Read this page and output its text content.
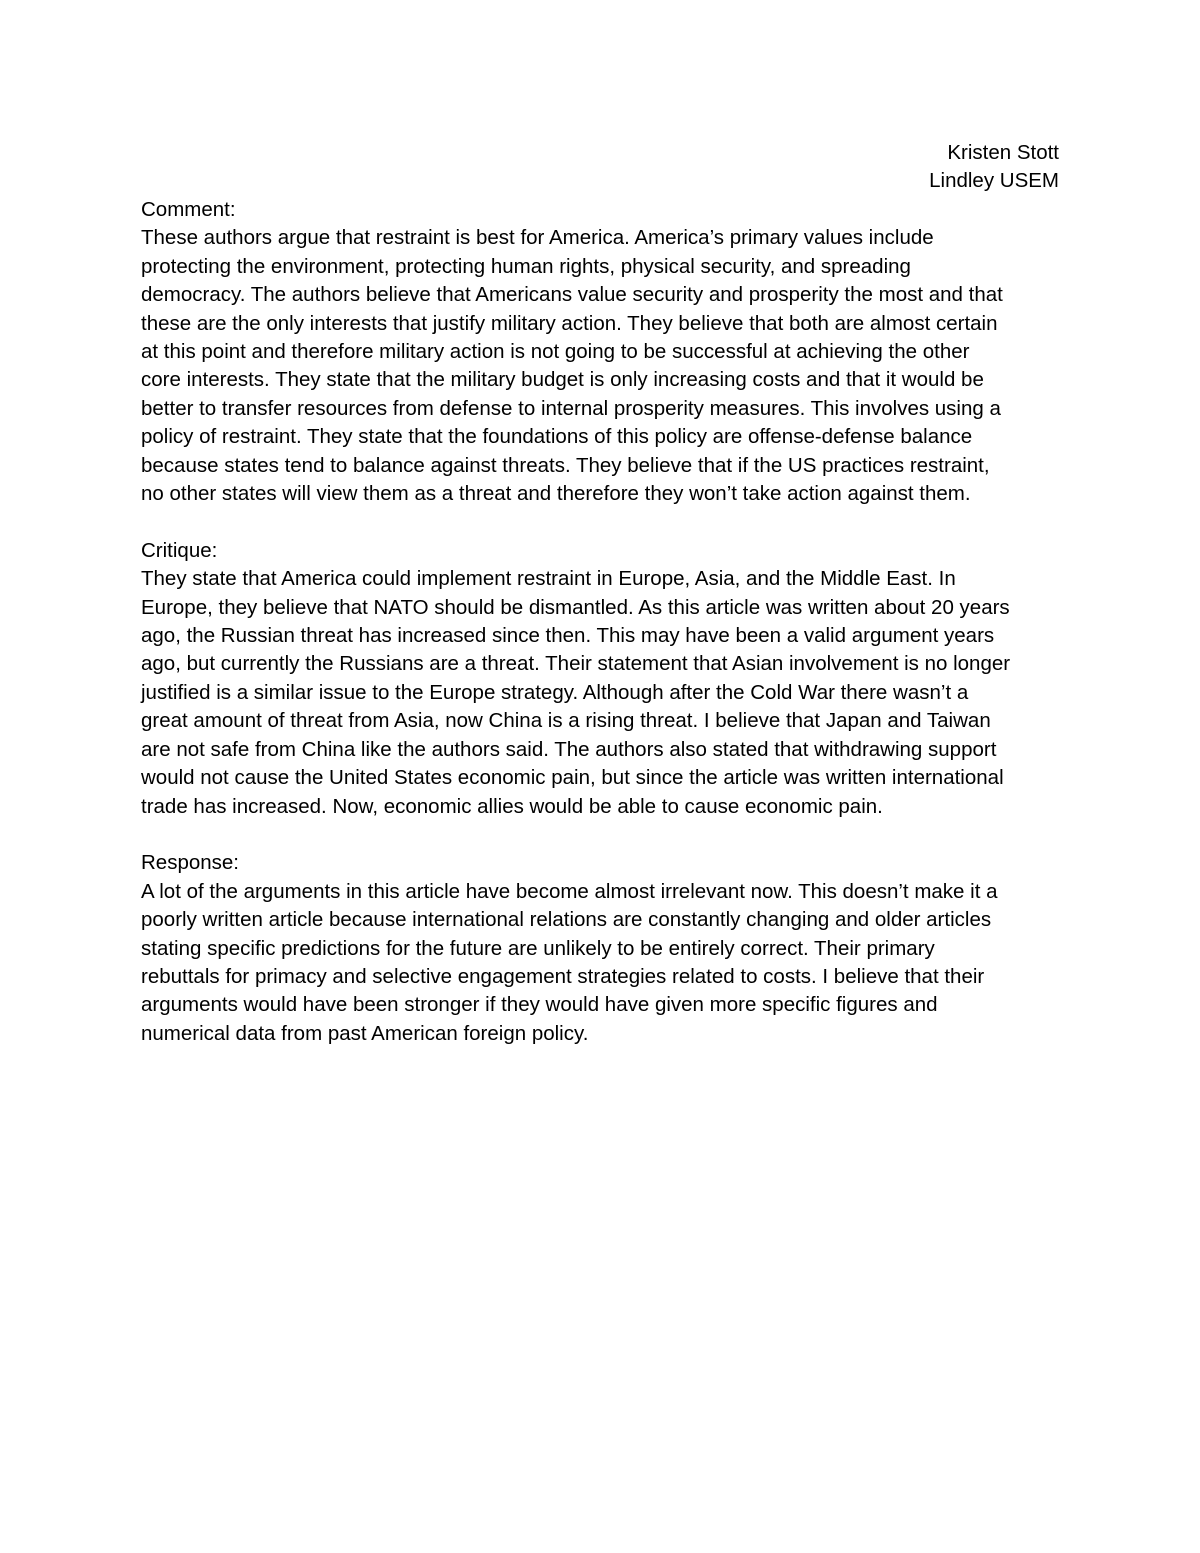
Kristen Stott
Lindley USEM

Comment:

These authors argue that restraint is best for America. America’s primary values include
protecting the environment, protecting human rights, physical security, and spreading
democracy. The authors believe that Americans value security and prosperity the most and that
these are the only interests that justify military action. They believe that both are almost certain
at this point and therefore military action is not going to be successful at achieving the other
core interests. They state that the military budget is only increasing costs and that it would be
better to transfer resources from defense to internal prosperity measures. This involves using a
policy of restraint. They state that the foundations of this policy are offense-defense balance
because states tend to balance against threats. They believe that if the US practices restraint,
no other states will view them as a threat and therefore they won’t take action against them.

Critique:

They state that America could implement restraint in Europe, Asia, and the Middle East. In
Europe, they believe that NATO should be dismantled. As this article was written about 20 years
ago, the Russian threat has increased since then. This may have been a valid argument years
ago, but currently the Russians are a threat. Their statement that Asian involvement is no longer
justified is a similar issue to the Europe strategy. Although after the Cold War there wasn’t a
great amount of threat from Asia, now China is a rising threat. I believe that Japan and Taiwan
are not safe from China like the authors said. The authors also stated that withdrawing support
would not cause the United States economic pain, but since the article was written international
trade has increased. Now, economic allies would be able to cause economic pain.

Response:

A lot of the arguments in this article have become almost irrelevant now. This doesn’t make it a
poorly written article because international relations are constantly changing and older articles
stating specific predictions for the future are unlikely to be entirely correct. Their primary
rebuttals for primacy and selective engagement strategies related to costs. I believe that their
arguments would have been stronger if they would have given more specific figures and
numerical data from past American foreign policy.
